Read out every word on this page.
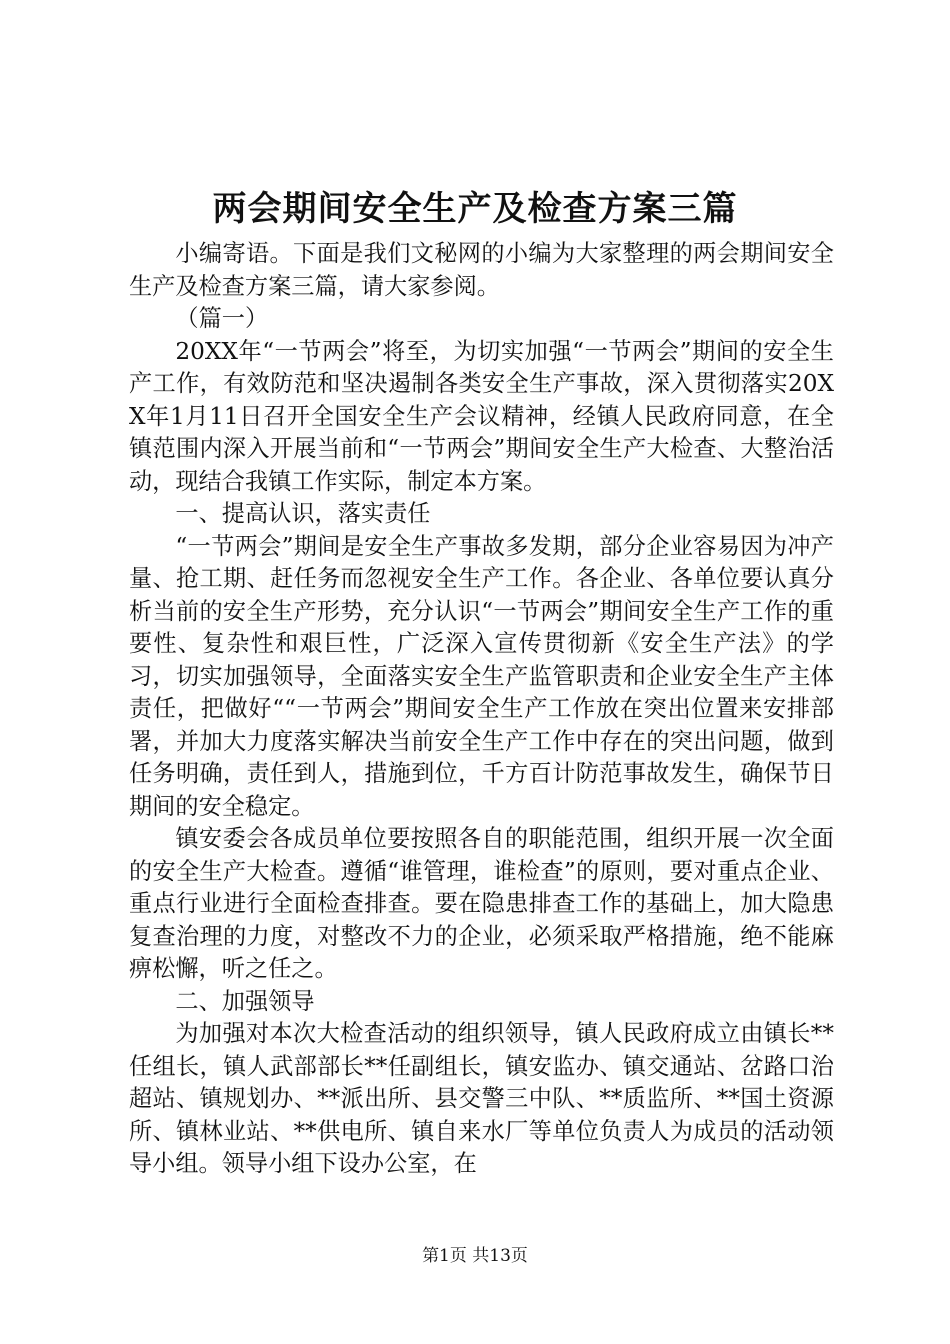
两会期间安全生产及检查方案三篇

小编寄语。下面是我们文秘网的小编为大家整理的两会期间安全生产及检查方案三篇，请大家参阅。

（篇一）

20XX年“一节两会”将至，为切实加强“一节两会”期间的安全生产工作，有效防范和坚决遏制各类安全生产事故，深入贯彻落实20XX年1月11日召开全国安全生产会议精神，经镇人民政府同意，在全镇范围内深入开展当前和“一节两会”期间安全生产大检查、大整治活动，现结合我镇工作实际，制定本方案。

一、提高认识，落实责任

“一节两会”期间是安全生产事故多发期，部分企业容易因为冲产量、抢工期、赶任务而忽视安全生产工作。各企业、各单位要认真分析当前的安全生产形势，充分认识“一节两会”期间安全生产工作的重要性、复杂性和艰巨性，广泛深入宣传贯彻新《安全生产法》的学习，切实加强领导，全面落实安全生产监管职责和企业安全生产主体责任，把做好““一节两会”期间安全生产工作放在突出位置来安排部署，并加大力度落实解决当前安全生产工作中存在的突出问题，做到任务明确，责任到人，措施到位，千方百计防范事故发生，确保节日期间的安全稳定。

镇安委会各成员单位要按照各自的职能范围，组织开展一次全面的安全生产大检查。遵循“谁管理，谁检查”的原则，要对重点企业、重点行业进行全面检查排查。要在隐患排查工作的基础上，加大隐患复查治理的力度，对整改不力的企业，必须采取严格措施，绝不能麻痹松懈，听之任之。

二、加强领导

为加强对本次大检查活动的组织领导，镇人民政府成立由镇长**任组长，镇人武部部长**任副组长，镇安监办、镇交通站、岔路口治超站、镇规划办、**派出所、县交警三中队、**质监所、**国土资源所、镇林业站、**供电所、镇自来水厂等单位负责人为成员的活动领导小组。领导小组下设办公室，在

第1页 共13页
